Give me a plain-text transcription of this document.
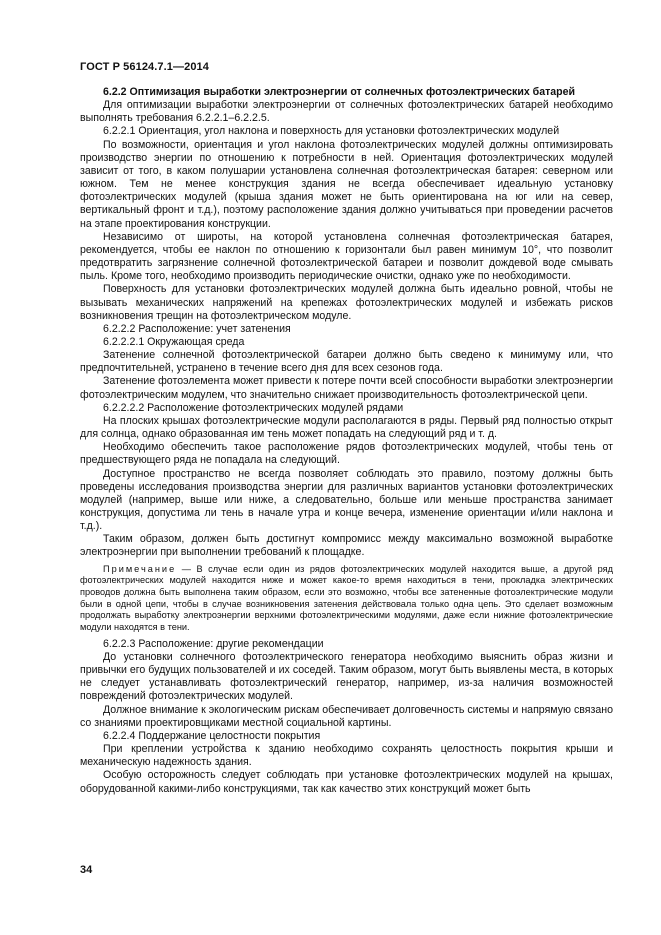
ГОСТ Р 56124.7.1—2014

6.2.2 Оптимизация выработки электроэнергии от солнечных фотоэлектрических батарей

Для оптимизации выработки электроэнергии от солнечных фотоэлектрических батарей необходимо выполнять требования 6.2.2.1–6.2.2.5.

6.2.2.1 Ориентация, угол наклона и поверхность для установки фотоэлектрических модулей

По возможности, ориентация и угол наклона фотоэлектрических модулей должны оптимизировать производство энергии по отношению к потребности в ней. Ориентация фотоэлектрических модулей зависит от того, в каком полушарии установлена солнечная фотоэлектрическая батарея: северном или южном. Тем не менее конструкция здания не всегда обеспечивает идеальную установку фотоэлектрических модулей (крыша здания может не быть ориентирована на юг или на север, вертикальный фронт и т.д.), поэтому расположение здания должно учитываться при проведении расчетов на этапе проектирования конструкции.

Независимо от широты, на которой установлена солнечная фотоэлектрическая батарея, рекомендуется, чтобы ее наклон по отношению к горизонтали был равен минимум 10°, что позволит предотвратить загрязнение солнечной фотоэлектрической батареи и позволит дождевой воде смывать пыль. Кроме того, необходимо производить периодические очистки, однако уже по необходимости.

Поверхность для установки фотоэлектрических модулей должна быть идеально ровной, чтобы не вызывать механических напряжений на крепежах фотоэлектрических модулей и избежать рисков возникновения трещин на фотоэлектрическом модуле.

6.2.2.2 Расположение: учет затенения

6.2.2.2.1 Окружающая среда

Затенение солнечной фотоэлектрической батареи должно быть сведено к минимуму или, что предпочтительней, устранено в течение всего дня для всех сезонов года.

Затенение фотоэлемента может привести к потере почти всей способности выработки электроэнергии фотоэлектрическим модулем, что значительно снижает производительность фотоэлектрической цепи.

6.2.2.2.2 Расположение фотоэлектрических модулей рядами

На плоских крышах фотоэлектрические модули располагаются в ряды. Первый ряд полностью открыт для солнца, однако образованная им тень может попадать на следующий ряд и т. д.

Необходимо обеспечить такое расположение рядов фотоэлектрических модулей, чтобы тень от предшествующего ряда не попадала на следующий.

Доступное пространство не всегда позволяет соблюдать это правило, поэтому должны быть проведены исследования производства энергии для различных вариантов установки фотоэлектрических модулей (например, выше или ниже, а следовательно, больше или меньше пространства занимает конструкция, допустима ли тень в начале утра и конце вечера, изменение ориентации и/или наклона и т.д.).

Таким образом, должен быть достигнут компромисс между максимально возможной выработке электроэнергии при выполнении требований к площадке.

Примечание — В случае если один из рядов фотоэлектрических модулей находится выше, а другой ряд фотоэлектрических модулей находится ниже и может какое-то время находиться в тени, прокладка электрических проводов должна быть выполнена таким образом, если это возможно, чтобы все затененные фотоэлектрические модули были в одной цепи, чтобы в случае возникновения затенения действовала только одна цепь. Это сделает возможным продолжать выработку электроэнергии верхними фотоэлектрическими модулями, даже если нижние фотоэлектрические модули находятся в тени.

6.2.2.3 Расположение: другие рекомендации

До установки солнечного фотоэлектрического генератора необходимо выяснить образ жизни и привычки его будущих пользователей и их соседей. Таким образом, могут быть выявлены места, в которых не следует устанавливать фотоэлектрический генератор, например, из-за наличия возможностей повреждений фотоэлектрических модулей.

Должное внимание к экологическим рискам обеспечивает долговечность системы и напрямую связано со знаниями проектировщиками местной социальной картины.

6.2.2.4 Поддержание целостности покрытия

При креплении устройства к зданию необходимо сохранять целостность покрытия крыши и механическую надежность здания.

Особую осторожность следует соблюдать при установке фотоэлектрических модулей на крышах, оборудованной какими-либо конструкциями, так как качество этих конструкций может быть

34
